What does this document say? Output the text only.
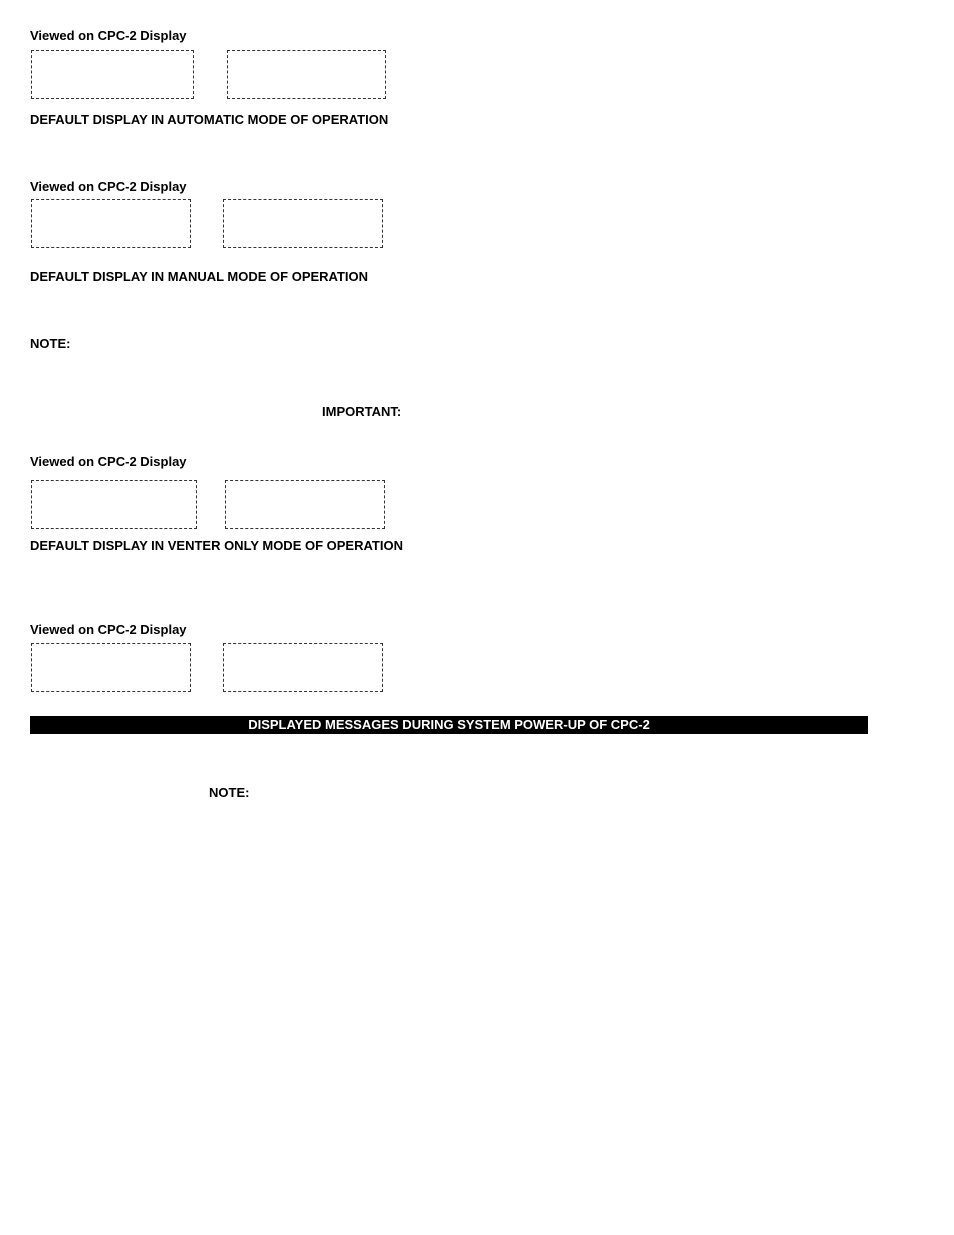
Viewed on CPC-2 Display
DEFAULT DISPLAY IN AUTOMATIC MODE OF OPERATION
Viewed on CPC-2 Display
DEFAULT DISPLAY IN MANUAL MODE OF OPERATION
NOTE:
IMPORTANT:
Viewed on CPC-2 Display
DEFAULT DISPLAY IN VENTER ONLY MODE OF OPERATION
Viewed on CPC-2 Display
DISPLAYED MESSAGES DURING SYSTEM POWER-UP OF CPC-2
NOTE:
